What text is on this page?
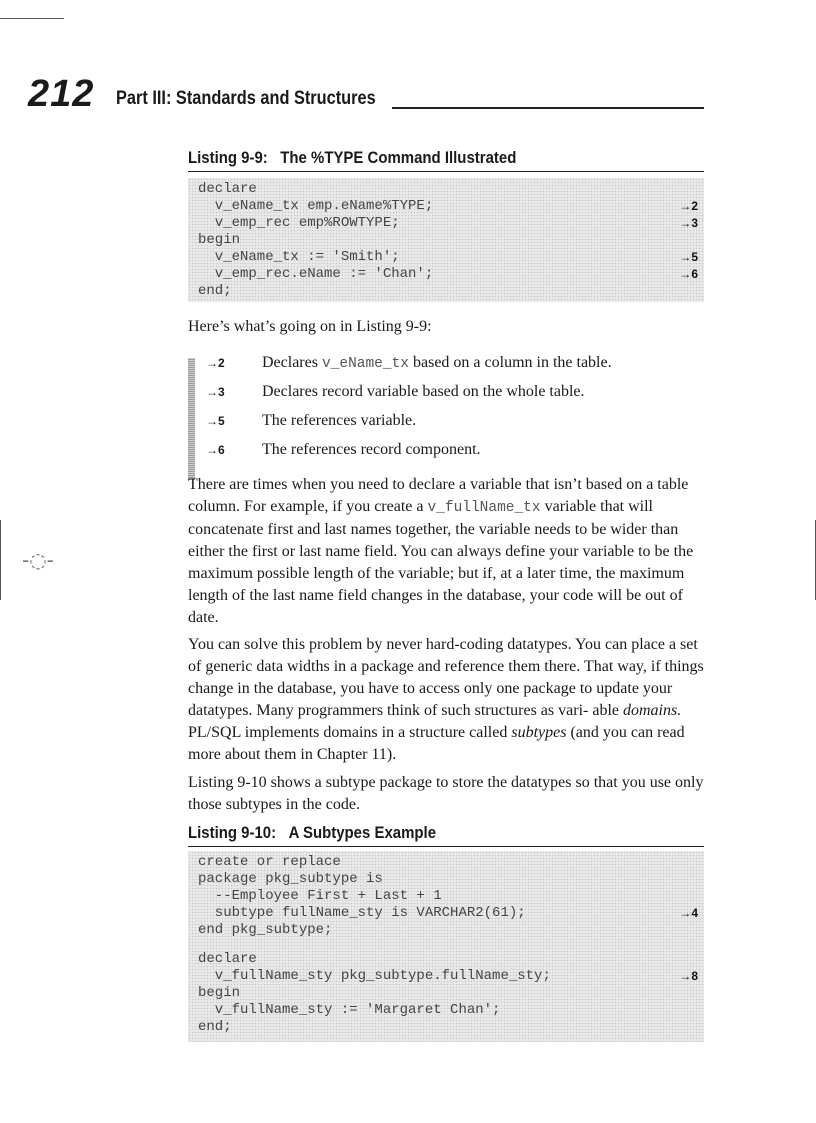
-◌-
212 Part III: Standards and Structures
Listing 9-9:   The %TYPE Command Illustrated
declare
v_eName_tx emp.eName%TYPE;	→2
v_emp_rec emp%ROWTYPE;	→3
begin
v_eName_tx := 'Smith';	→5
v_emp_rec.eName := 'Chan';	→6
end;
Here’s what’s going on in Listing 9-9:
→2 Declares v_eName_tx based on a column in the table.
→3 Declares record variable based on the whole table.
→5 The references variable.
→6 The references record component.
There are times when you need to declare a variable that isn’t based on a table column. For example, if you create a v_fullName_tx variable that will concatenate first and last names together, the variable needs to be wider than either the first or last name field. You can always define your variable to be the maximum possible length of the variable; but if, at a later time, the maximum length of the last name field changes in the database, your code will be out of date.
You can solve this problem by never hard-coding datatypes. You can place a set of generic data widths in a package and reference them there. That way, if things change in the database, you have to access only one package to update your datatypes. Many programmers think of such structures as vari- able domains. PL/SQL implements domains in a structure called subtypes (and you can read more about them in Chapter 11).
Listing 9-10 shows a subtype package to store the datatypes so that you use only those subtypes in the code.
Listing 9-10:   A Subtypes Example
create or replace
package pkg_subtype is
--Employee First + Last + 1
subtype fullName_sty is VARCHAR2(61);	→4
end pkg_subtype;
declare
v_fullName_sty pkg_subtype.fullName_sty;	→8
begin
v_fullName_sty := 'Margaret Chan';
end;
